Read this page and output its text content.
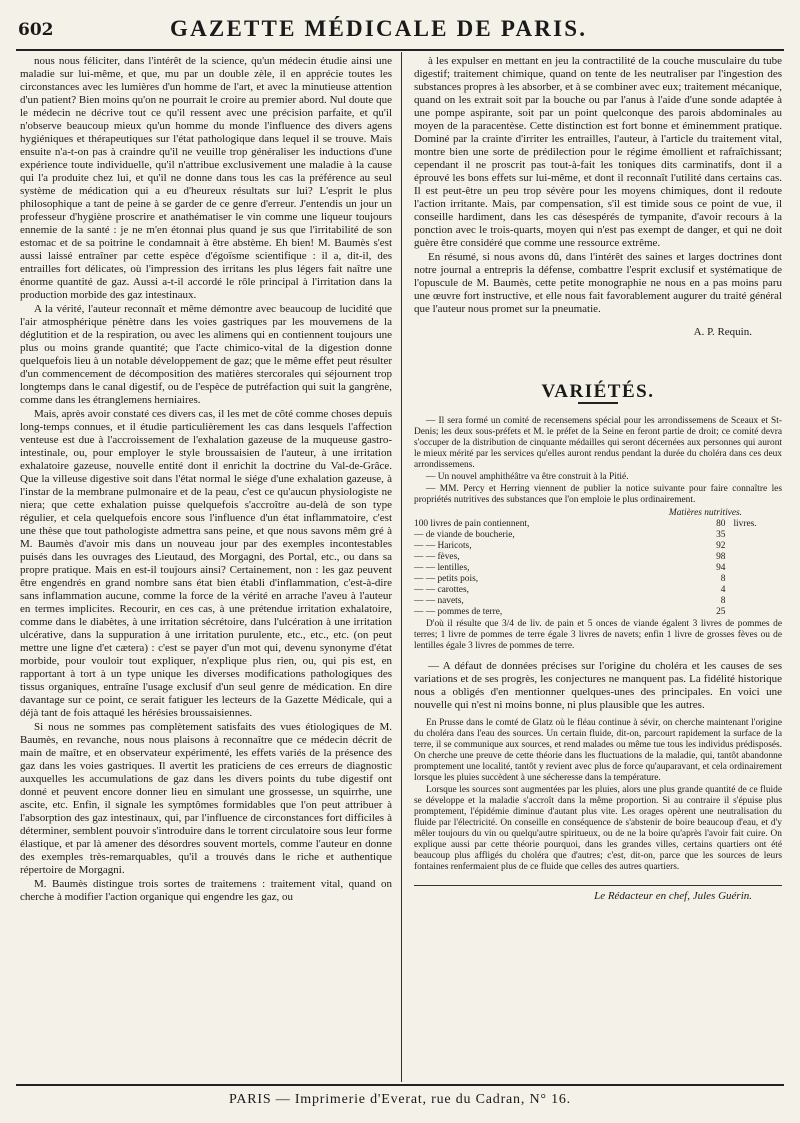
602	GAZETTE MÉDICALE DE PARIS.

nous nous féliciter, dans l'intérêt de la science, qu'un médecin étudie ainsi une maladie sur lui-même, et que, mu par un double zèle, il en apprécie toutes les circonstances avec les lumières d'un homme de l'art, et avec la minutieuse attention d'un patient? Bien moins qu'on ne pourrait le croire au premier abord. Nul doute que le médecin ne décrive tout ce qu'il ressent avec une précision parfaite, et qu'il n'observe beaucoup mieux qu'un homme du monde l'influence des divers agens hygiéniques et thérapeutiques sur l'état pathologique dans lequel il se trouve. Mais ensuite n'a-t-on pas à craindre qu'il ne veuille trop généraliser les inductions d'une expérience toute individuelle, qu'il n'attribue exclusivement une maladie à la cause qui l'a produite chez lui, et qu'il ne donne dans tous les cas la préférence au seul système de médication qui a eu d'heureux résultats sur lui? L'esprit le plus philosophique a tant de peine à se garder de ce genre d'erreur. J'entendis un jour un professeur d'hygiène proscrire et anathématiser le vin comme une liqueur toujours ennemie de la santé : je ne m'en étonnai plus quand je sus que l'irritabilité de son estomac et de sa poitrine le condamnait à être abstème. Eh bien! M. Baumès s'est aussi laissé entraîner par cette espèce d'égoïsme scientifique : il a, dit-il, des entrailles fort délicates, où l'impression des irritans les plus légers fait naître une énorme quantité de gaz. Aussi a-t-il accordé le rôle principal à l'irritation dans la production morbide des gaz intestinaux.

A la vérité, l'auteur reconnaît et même démontre avec beaucoup de lucidité que l'air atmosphérique pénètre dans les voies gastriques par les mouvemens de la déglutition et de la respiration, ou avec les alimens qui en contiennent toujours une plus ou moins grande quantité; que l'acte chimico-vital de la digestion donne quelquefois lieu à un notable développement de gaz; que le même effet peut résulter d'un commencement de décomposition des matières stercorales qui séjournent trop longtemps dans le canal digestif, ou de l'espèce de putréfaction qui suit la gangrène, comme dans les étranglemens herniaires.

Mais, après avoir constaté ces divers cas, il les met de côté comme choses depuis long-temps connues, et il étudie particulièrement les cas dans lesquels l'affection venteuse est due à l'accroissement de l'exhalation gazeuse de la muqueuse gastro-intestinale, ou, pour employer le style broussaisien de l'auteur, à une irritation exhalatoire gazeuse, nouvelle entité dont il enrichit la doctrine du Val-de-Grâce. Que la villeuse digestive soit dans l'état normal le siége d'une exhalation gazeuse, à l'instar de la membrane pulmonaire et de la peau, c'est ce qu'aucun physiologiste ne niera; que cette exhalation puisse quelquefois s'accroître au-delà de son type régulier, et cela quelquefois encore sous l'influence d'un état inflammatoire, c'est une thèse que tout pathologiste admettra sans peine, et que nous savons mêm gré à M. Baumès d'avoir mis dans un nouveau jour par des exemples incontestables puisés dans les ouvrages des Lieutaud, des Morgagni, des Portal, etc., ou dans sa propre pratique. Mais en est-il toujours ainsi? Certainement, non : les gaz peuvent être engendrés en grand nombre sans état bien établi d'inflammation, c'est-à-dire sans inflammation aucune, comme la force de la vérité en arrache l'aveu à l'auteur en termes implicites. Recourir, en ces cas, à une prétendue irritation exhalatoire, comme dans le diabètes, à une irritation sécrétoire, dans l'ulcération à une irritation ulcérative, dans la suppuration à une irritation purulente, etc., etc., etc. (on peut mettre une ligne d'et cætera) : c'est se payer d'un mot qui, devenu synonyme d'état morbide, pour vouloir tout expliquer, n'explique plus rien, ou, qui pis est, en rapportant à tort à un type unique les diverses modifications pathologiques des tissus organiques, entraîne l'usage exclusif d'un seul genre de médication. En dire davantage sur ce point, ce serait fatiguer les lecteurs de la Gazette Médicale, qui a déjà tant de fois attaqué les hérésies broussaisiennes.

Si nous ne sommes pas complètement satisfaits des vues étiologiques de M. Baumès, en revanche, nous nous plaisons à reconnaître que ce médecin décrit de main de maître, et en observateur expérimenté, les effets variés de la présence des gaz dans les voies gastriques. Il avertit les praticiens de ces erreurs de diagnostic auxquelles les accumulations de gaz dans les divers points du tube digestif ont donné et peuvent encore donner lieu en simulant une grossesse, un squirrhe, une ascite, etc. Enfin, il signale les symptômes formidables que l'on peut attribuer à l'absorption des gaz intestinaux, qui, par l'influence de circonstances fort difficiles à déterminer, semblent pouvoir s'introduire dans le torrent circulatoire sous leur forme élastique, et par là amener des désordres souvent mortels, comme l'auteur en donne des exemples très-remarquables, qu'il a trouvés dans le riche et authentique répertoire de Morgagni.

M. Baumès distingue trois sortes de traitemens : traitement vital, quand on cherche à modifier l'action organique qui engendre les gaz, ou

à les expulser en mettant en jeu la contractilité de la couche musculaire du tube digestif; traitement chimique, quand on tente de les neutraliser par l'ingestion des substances propres à les absorber, et à se combiner avec eux; traitement mécanique, quand on les extrait soit par la bouche ou par l'anus à l'aide d'une sonde adaptée à une pompe aspirante, soit par un point quelconque des parois abdominales au moyen de la paracentèse. Cette distinction est fort bonne et éminemment pratique. Dominé par la crainte d'irriter les entrailles, l'auteur, à l'article du traitement vital, montre bien une sorte de prédilection pour le régime émollient et rafraîchissant; cependant il ne proscrit pas tout-à-fait les toniques dits carminatifs, dont il a éprouvé les bons effets sur lui-même, et dont il reconnaît l'utilité dans certains cas. Il est peut-être un peu trop sévère pour les moyens chimiques, dont il redoute l'action irritante. Mais, par compensation, s'il est timide sous ce point de vue, il conseille hardiment, dans les cas désespérés de tympanite, d'avoir recours à la ponction avec le trois-quarts, moyen qui n'est pas exempt de danger, et qui ne doit guère être considéré que comme une ressource extrême.

En résumé, si nous avons dû, dans l'intérêt des saines et larges doctrines dont notre journal a entrepris la défense, combattre l'esprit exclusif et systématique de l'opuscule de M. Baumès, cette petite monographie ne nous en a pas moins paru une œuvre fort instructive, et elle nous fait favorablement augurer du traité général que l'auteur nous promet sur la pneumatie.

A. P. Requin.

VARIÉTÉS.

— Il sera formé un comité de recensemens spécial pour les arrondissemens de Sceaux et St-Denis; les deux sous-préfets et M. le préfet de la Seine en feront partie de droit; ce comité devra s'occuper de la distribution de cinquante médailles qui seront décernées aux personnes qui auront le mieux mérité par les services qu'elles auront rendus pendant la durée du choléra dans ces deux arrondissemens.

— Un nouvel amphithéâtre va être construit à la Pitié.

— MM. Percy et Herring viennent de publier la notice suivante pour faire connaître les propriétés nutritives des substances que l'on emploie le plus ordinairement.

Matières nutritives.		
100 livres de pain contiennent,	80	livres.
— de viande de boucherie,	35	
— — Haricots,	92	
— — fèves,	98	
— — lentilles,	94	
— — petits pois,	8	
— — carottes,	4	
— — navets,	8	
— — pommes de terre,	25	

D'où il résulte que 3/4 de liv. de pain et 5 onces de viande égalent 3 livres de pommes de terres; 1 livre de pommes de terre égale 3 livres de navets; enfin 1 livre de grosses fèves ou de lentilles égale 3 livres de pommes de terre.

— A défaut de données précises sur l'origine du choléra et les causes de ses variations et de ses progrès, les conjectures ne manquent pas. La fidélité historique nous a obligés d'en mentionner quelques-unes des principales. En voici une nouvelle qui n'est ni moins bonne, ni plus plausible que les autres.

En Prusse dans le comté de Glatz où le fléau continue à sévir, on cherche maintenant l'origine du choléra dans l'eau des sources. Un certain fluide, dit-on, parcourt rapidement la surface de la terre, il se communique aux sources, et rend malades ou même tue tous les individus prédisposés. On cherche une preuve de cette théorie dans les fluctuations de la maladie, qui, tantôt abandonne promptement une localité, tantôt y revient avec plus de force qu'auparavant, et cela ordinairement lorsque les pluies succèdent à une sécheresse dans la température.

Lorsque les sources sont augmentées par les pluies, alors une plus grande quantité de ce fluide se développe et la maladie s'accroît dans la même proportion. Si au contraire il s'épuise plus promptement, l'épidémie diminue d'autant plus vite. Les orages opèrent une neutralisation du fluide par l'électricité. On conseille en conséquence de s'abstenir de boire beaucoup d'eau, et d'y mêler toujours du vin ou quelqu'autre spiritueux, ou de ne la boire qu'après l'avoir fait cuire. On explique aussi par cette théorie pourquoi, dans les grandes villes, certains quartiers ont été beaucoup plus affligés du choléra que d'autres; c'est, dit-on, parce que les sources de leurs fontaines renfermaient plus de ce fluide que celles des autres quartiers.

Le Rédacteur en chef, Jules Guérin.

PARIS — Imprimerie d'Everat, rue du Cadran, N° 16.
